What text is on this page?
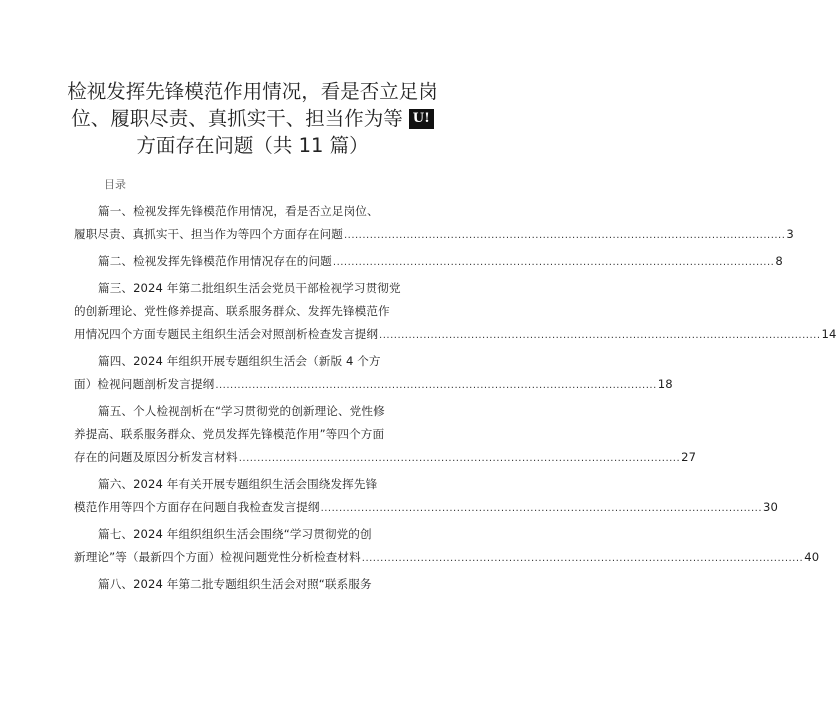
检视发挥先锋模范作用情况，看是否立足岗
位、履职尽责、真抓实干、担当作为等 U!
方面存在问题（共 11 篇）
目录
篇一、检视发挥先锋模范作用情况，看是否立足岗位、
履职尽责、真抓实干、担当作为等四个方面存在问题 ........................................................................................................................ 3
篇二、检视发挥先锋模范作用情况存在的问题 ........................................................................................................................ 8
篇三、2024 年第二批组织生活会党员干部检视学习贯彻党
的创新理论、党性修养提高、联系服务群众、发挥先锋模范作
用情况四个方面专题民主组织生活会对照剖析检查发言提纲 ........................................................................................................................ 14
篇四、2024 年组织开展专题组织生活会（新版 4 个方
面）检视问题剖析发言提纲 ........................................................................................................................ 18
篇五、个人检视剖析在“学习贯彻党的创新理论、党性修
养提高、联系服务群众、党员发挥先锋模范作用”等四个方面
存在的问题及原因分析发言材料 ........................................................................................................................ 27
篇六、2024 年有关开展专题组织生活会围绕发挥先锋
模范作用等四个方面存在问题自我检查发言提纲 ........................................................................................................................ 30
篇七、2024 年组织组织生活会围绕“学习贯彻党的创
新理论”等（最新四个方面）检视问题党性分析检查材料 ........................................................................................................................ 40
篇八、2024 年第二批专题组织生活会对照“联系服务
